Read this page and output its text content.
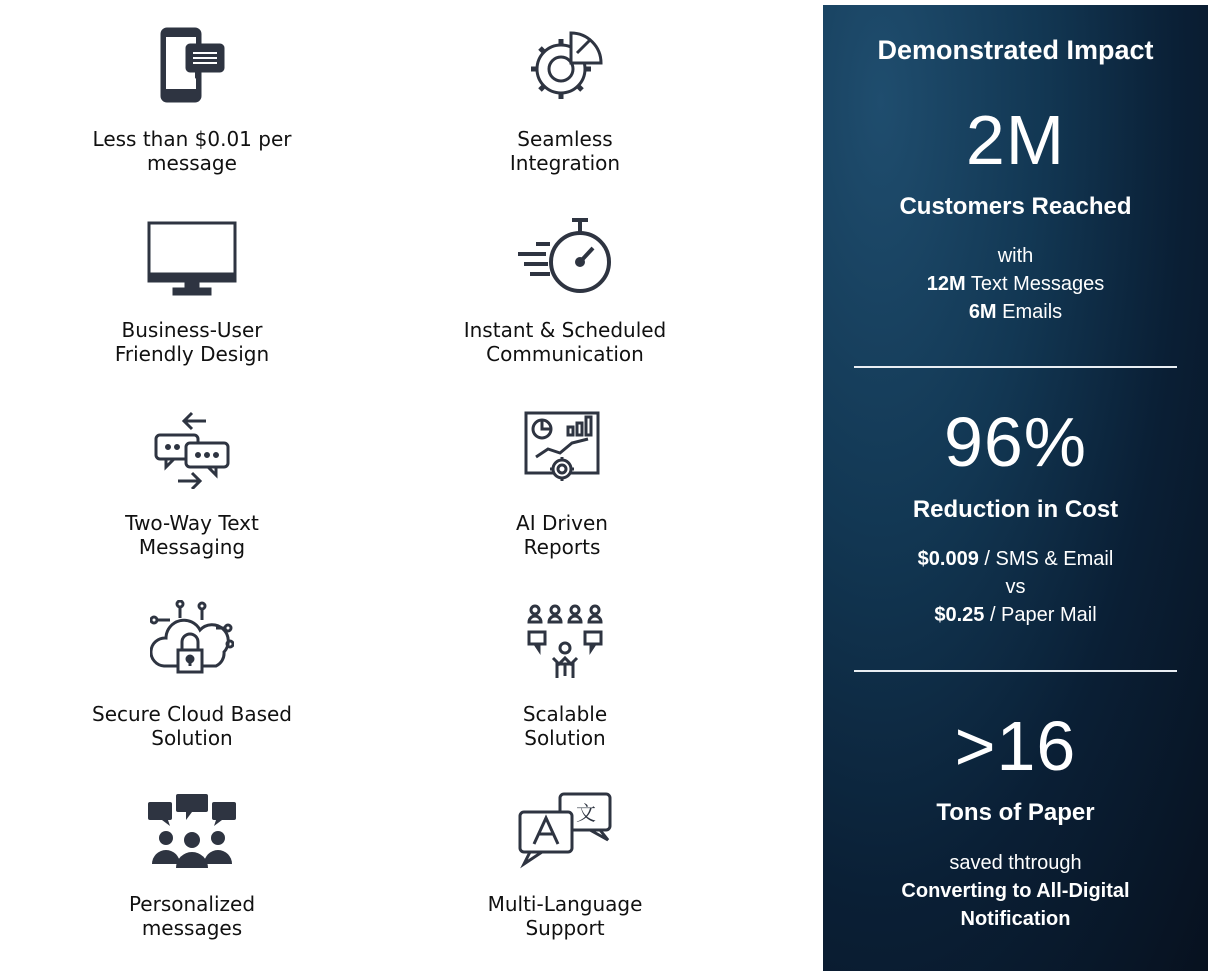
Less than $0.01 per
message
Seamless
Integration
Business-User
Friendly Design
Instant & Scheduled
Communication
Two-Way Text
Messaging
AI Driven
Reports
Secure Cloud Based
Solution
Scalable
Solution
Personalized
messages
文
Multi-Language
Support
Demonstrated Impact
2M
Customers Reached
with
12M Text Messages
6M Emails
96%
Reduction in Cost
$0.009 / SMS & Email
vs
$0.25 / Paper Mail
>16
Tons of Paper
saved thtrough
Converting to All-Digital
Notification
